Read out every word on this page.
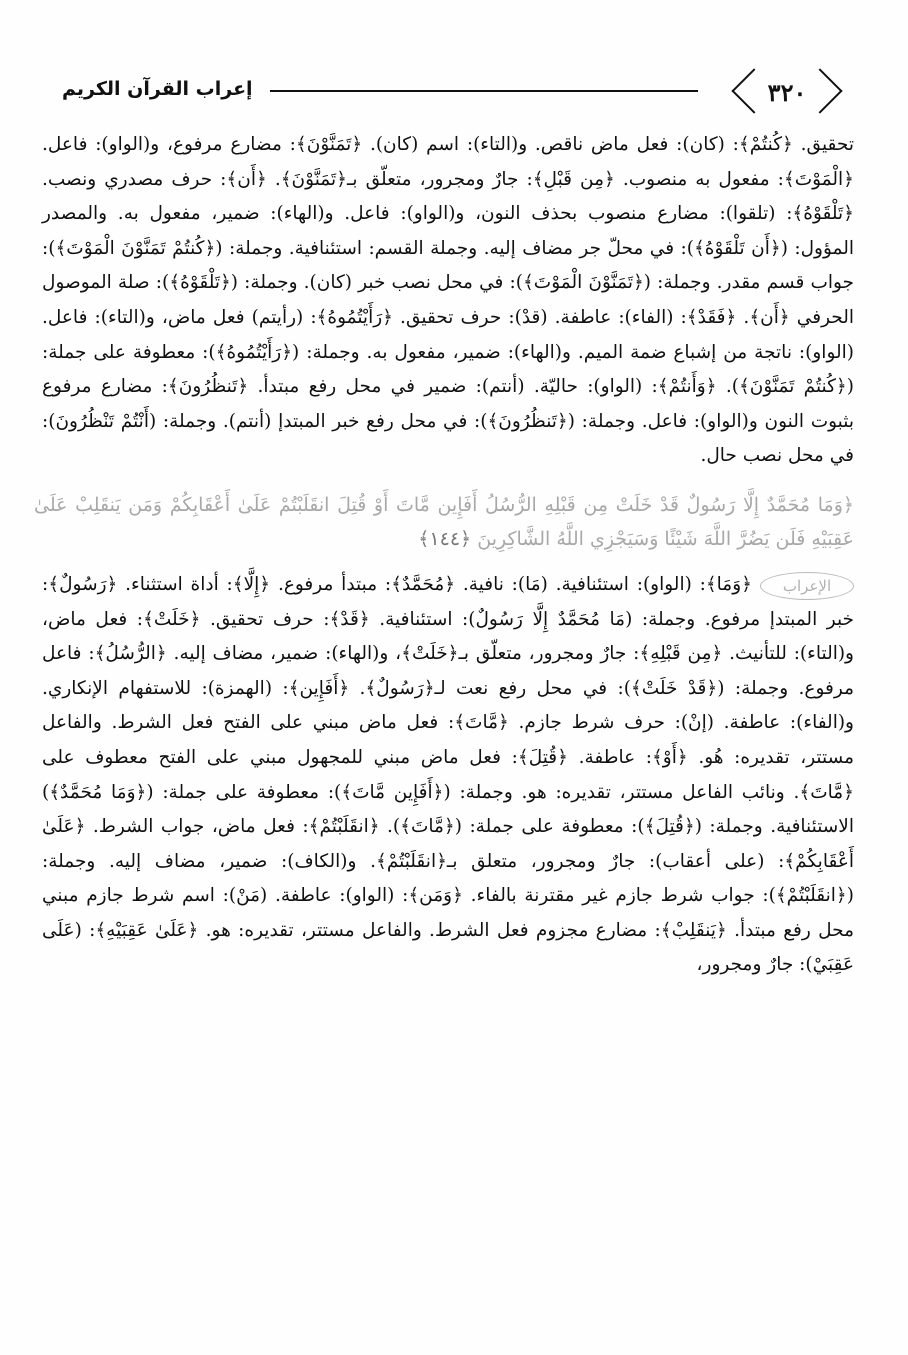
٣٢٠
إعراب القرآن الكريم

تحقيق. ﴿كُنتُمْ﴾: (كان): فعل ماض ناقص. و(التاء): اسم (كان). ﴿تَمَنَّوْنَ﴾: مضارع مرفوع، و(الواو): فاعل. ﴿الْمَوْتَ﴾: مفعول به منصوب. ﴿مِن قَبْلِ﴾: جارٌ ومجرور، متعلّق بـ﴿تَمَنَّوْنَ﴾. ﴿أَن﴾: حرف مصدري ونصب. ﴿تَلْقَوْهُ﴾: (تلقوا): مضارع منصوب بحذف النون، و(الواو): فاعل. و(الهاء): ضمير، مفعول به. والمصدر المؤول: (﴿أَن تَلْقَوْهُ﴾): في محلّ جر مضاف إليه. وجملة القسم: استئنافية. وجملة: (﴿كُنتُمْ تَمَنَّوْنَ الْمَوْتَ﴾): جواب قسم مقدر. وجملة: (﴿تَمَنَّوْنَ الْمَوْتَ﴾): في محل نصب خبر (كان). وجملة: (﴿تَلْقَوْهُ﴾): صلة الموصول الحرفي ﴿أَن﴾. ﴿فَقَدْ﴾: (الفاء): عاطفة. (قدْ): حرف تحقيق. ﴿رَأَيْتُمُوهُ﴾: (رأيتم) فعل ماض، و(التاء): فاعل. (الواو): ناتجة من إشباع ضمة الميم. و(الهاء): ضمير، مفعول به. وجملة: (﴿رَأَيْتُمُوهُ﴾): معطوفة على جملة: (﴿كُنتُمْ تَمَنَّوْنَ﴾). ﴿وَأَنتُمْ﴾: (الواو): حاليّة. (أنتم): ضمير في محل رفع مبتدأ. ﴿تَنظُرُونَ﴾: مضارع مرفوع بثبوت النون و(الواو): فاعل. وجملة: (﴿تَنظُرُونَ﴾): في محل رفع خبر المبتدإ (أنتم). وجملة: (أَنْتُمْ تَنْظُرُونَ): في محل نصب حال.

﴿وَمَا مُحَمَّدٌ إِلَّا رَسُولٌ قَدْ خَلَتْ مِن قَبْلِهِ الرُّسُلُ أَفَإِين مَّاتَ أَوْ قُتِلَ انقَلَبْتُمْ عَلَىٰ أَعْقَابِكُمْ وَمَن يَنقَلِبْ عَلَىٰ عَقِبَيْهِ فَلَن يَضُرَّ اللَّهَ شَيْئًا وَسَيَجْزِي اللَّهُ الشَّاكِرِينَ ﴿١٤٤﴾
الإعراب

﴿وَمَا﴾: (الواو): استئنافية. (مَا): نافية. ﴿مُحَمَّدٌ﴾: مبتدأ مرفوع. ﴿إِلَّا﴾: أداة استثناء. ﴿رَسُولٌ﴾: خبر المبتدإ مرفوع. وجملة: (مَا مُحَمَّدٌ إِلَّا رَسُولٌ): استئنافية. ﴿قَدْ﴾: حرف تحقيق. ﴿خَلَتْ﴾: فعل ماض، و(التاء): للتأنيث. ﴿مِن قَبْلِهِ﴾: جارٌ ومجرور، متعلّق بـ﴿خَلَتْ﴾، و(الهاء): ضمير، مضاف إليه. ﴿الرُّسُلُ﴾: فاعل مرفوع. وجملة: (﴿قَدْ خَلَتْ﴾): في محل رفع نعت لـ﴿رَسُولٌ﴾. ﴿أَفَإِين﴾: (الهمزة): للاستفهام الإنكاري. و(الفاء): عاطفة. (إنْ): حرف شرط جازم. ﴿مَّاتَ﴾: فعل ماض مبني على الفتح فعل الشرط. والفاعل مستتر، تقديره: هُو. ﴿أَوْ﴾: عاطفة. ﴿قُتِلَ﴾: فعل ماض مبني للمجهول مبني على الفتح معطوف على ﴿مَّاتَ﴾. ونائب الفاعل مستتر، تقديره: هو. وجملة: (﴿أَفَإِين مَّاتَ﴾): معطوفة على جملة: (﴿وَمَا مُحَمَّدٌ﴾) الاستئنافية. وجملة: (﴿قُتِلَ﴾): معطوفة على جملة: (﴿مَّاتَ﴾). ﴿انقَلَبْتُمْ﴾: فعل ماض، جواب الشرط. ﴿عَلَىٰ أَعْقَابِكُمْ﴾: (على أعقاب): جارٌ ومجرور، متعلق بـ﴿انقَلَبْتُمْ﴾. و(الكاف): ضمير، مضاف إليه. وجملة: (﴿انقَلَبْتُمْ﴾): جواب شرط جازم غير مقترنة بالفاء. ﴿وَمَن﴾: (الواو): عاطفة. (مَنْ): اسم شرط جازم مبني محل رفع مبتدأ. ﴿يَنقَلِبْ﴾: مضارع مجزوم فعل الشرط. والفاعل مستتر، تقديره: هو. ﴿عَلَىٰ عَقِبَيْهِ﴾: (عَلَى عَقِبَيْ): جارٌ ومجرور،
